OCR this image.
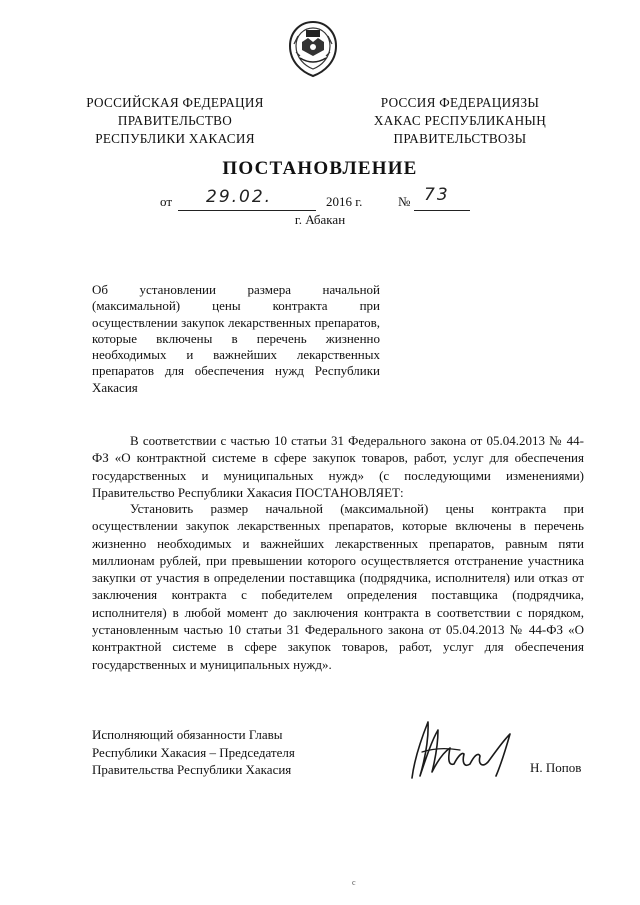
РОССИЙСКАЯ ФЕДЕРАЦИЯ
ПРАВИТЕЛЬСТВО
РЕСПУБЛИКИ ХАКАСИЯ
РОССИЯ ФЕДЕРАЦИЯЗЫ
ХАКАС РЕСПУБЛИКАНЫҢ
ПРАВИТЕЛЬСТВОЗЫ
ПОСТАНОВЛЕНИЕ
от 29.02.	2016 г.	№ 73
г. Абакан
Об установлении размера начальной (максимальной) цены контракта при осуществлении закупок лекарственных препаратов, которые включены в перечень жизненно необходимых и важнейших лекарственных препаратов для обеспечения нужд Республики Хакасия
В соответствии с частью 10 статьи 31 Федерального закона от 05.04.2013 № 44-ФЗ «О контрактной системе в сфере закупок товаров, работ, услуг для обеспечения государственных и муниципальных нужд» (с последующими изменениями) Правительство Республики Хакасия ПОСТАНОВЛЯЕТ:
Установить размер начальной (максимальной) цены контракта при осуществлении закупок лекарственных препаратов, которые включены в перечень жизненно необходимых и важнейших лекарственных препаратов, равным пяти миллионам рублей, при превышении которого осуществляется отстранение участника закупки от участия в определении поставщика (подрядчика, исполнителя) или отказ от заключения контракта с победителем определения поставщика (подрядчика, исполнителя) в любой момент до заключения контракта в соответствии с порядком, установленным частью 10 статьи 31 Федерального закона от 05.04.2013 № 44-ФЗ «О контрактной системе в сфере закупок товаров, работ, услуг для обеспечения государственных и муниципальных нужд».
Исполняющий обязанности Главы
Республики Хакасия – Председателя
Правительства Республики Хакасия	Н. Попов
с
